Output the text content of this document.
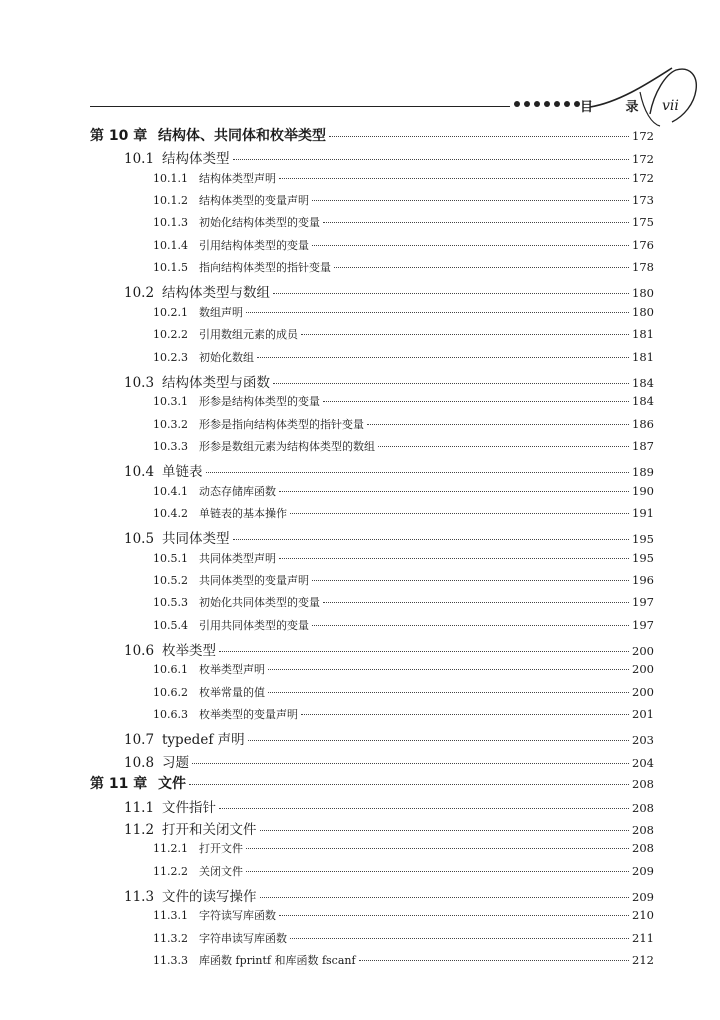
目 录 vii
第 10 章 结构体、共同体和枚举类型	172
10.1 结构体类型	172
10.1.1	结构体类型声明	172
10.1.2	结构体类型的变量声明	173
10.1.3	初始化结构体类型的变量	175
10.1.4	引用结构体类型的变量	176
10.1.5	指向结构体类型的指针变量	178
10.2 结构体类型与数组	180
10.2.1	数组声明	180
10.2.2	引用数组元素的成员	181
10.2.3	初始化数组	181
10.3 结构体类型与函数	184
10.3.1	形参是结构体类型的变量	184
10.3.2	形参是指向结构体类型的指针变量	186
10.3.3	形参是数组元素为结构体类型的数组	187
10.4 单链表	189
10.4.1	动态存储库函数	190
10.4.2	单链表的基本操作	191
10.5 共同体类型	195
10.5.1	共同体类型声明	195
10.5.2	共同体类型的变量声明	196
10.5.3	初始化共同体类型的变量	197
10.5.4	引用共同体类型的变量	197
10.6 枚举类型	200
10.6.1	枚举类型声明	200
10.6.2	枚举常量的值	200
10.6.3	枚举类型的变量声明	201
10.7 typedef 声明	203
10.8 习题	204
第 11 章 文件	208
11.1 文件指针	208
11.2 打开和关闭文件	208
11.2.1	打开文件	208
11.2.2	关闭文件	209
11.3 文件的读写操作	209
11.3.1	字符读写库函数	210
11.3.2	字符串读写库函数	211
11.3.3	库函数 fprintf 和库函数 fscanf	212
